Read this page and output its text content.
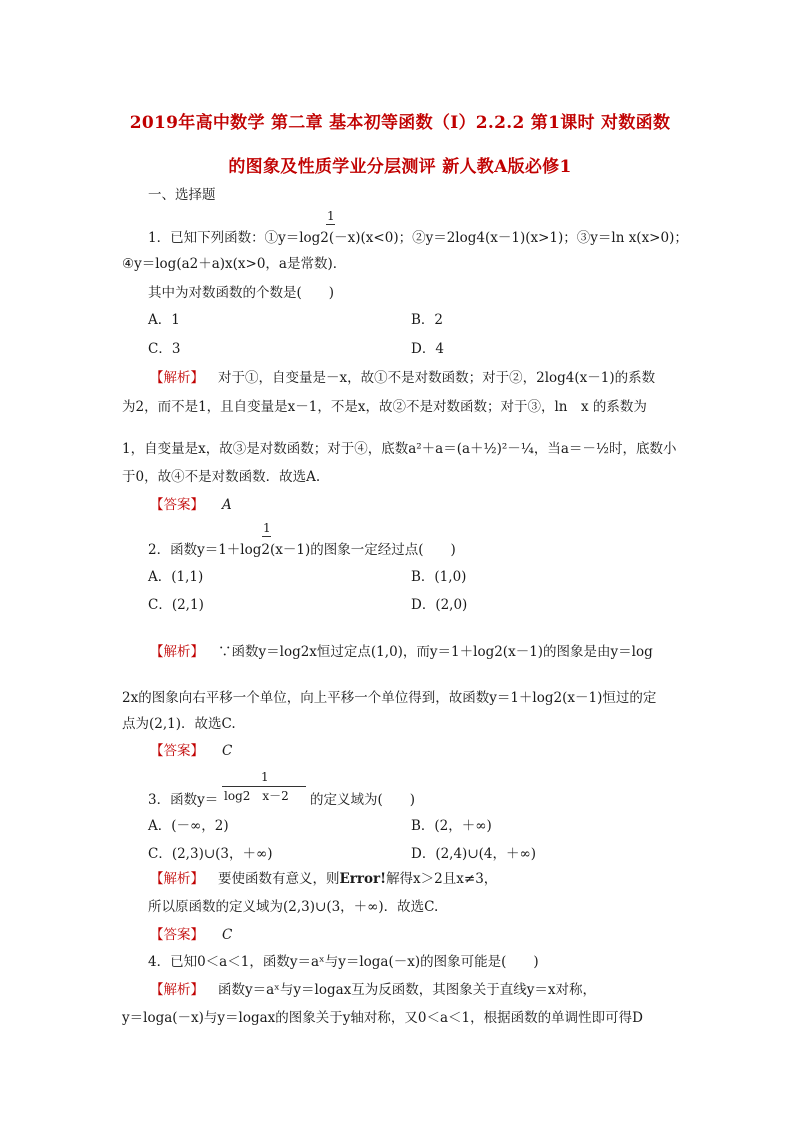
2019年高中数学 第二章 基本初等函数（Ⅰ）2.2.2 第1课时 对数函数
的图象及性质学业分层测评 新人教A版必修1
一、选择题
1
1．已知下列函数：①y＝log2(－x)(x<0)；②y＝2log4(x－1)(x>1)；③y＝ln x(x>0)；
④y＝log(a2＋a)x(x>0，a是常数)．
其中为对数函数的个数是(　　)
A．1	B．2
C．3	D．4
【解析】 对于①，自变量是－x，故①不是对数函数；对于②，2log4(x－1)的系数
为2，而不是1，且自变量是x－1，不是x，故②不是对数函数；对于③，ln　x 的系数为
1，自变量是x，故③是对数函数；对于④，底数a²＋a＝(a＋½)²－¼，当a＝－½时，底数小
于0，故④不是对数函数．故选A.
【答案】 A
1
2．函数y＝1＋log2(x－1)的图象一定经过点(　　)
A．(1,1)	B．(1,0)
C．(2,1)	D．(2,0)
【解析】 ∵函数y＝log2x恒过定点(1,0)，而y＝1＋log2(x－1)的图象是由y＝log
2x的图象向右平移一个单位，向上平移一个单位得到，故函数y＝1＋log2(x－1)恒过的定
点为(2,1)．故选C.
【答案】 C
3．函数y＝
1
log2　x－2 的定义域为(　　)
A．(－∞，2)	B．(2，＋∞)
C．(2,3)∪(3，＋∞)	D．(2,4)∪(4，＋∞)
【解析】 要使函数有意义，则Error!解得x＞2且x≠3，
所以原函数的定义域为(2,3)∪(3，＋∞)．故选C.
【答案】 C
4．已知0＜a＜1，函数y＝aˣ与y＝loga(－x)的图象可能是(　　)
【解析】 函数y＝aˣ与y＝logax互为反函数，其图象关于直线y＝x对称，
y＝loga(－x)与y＝logax的图象关于y轴对称，又0＜a＜1，根据函数的单调性即可得D
